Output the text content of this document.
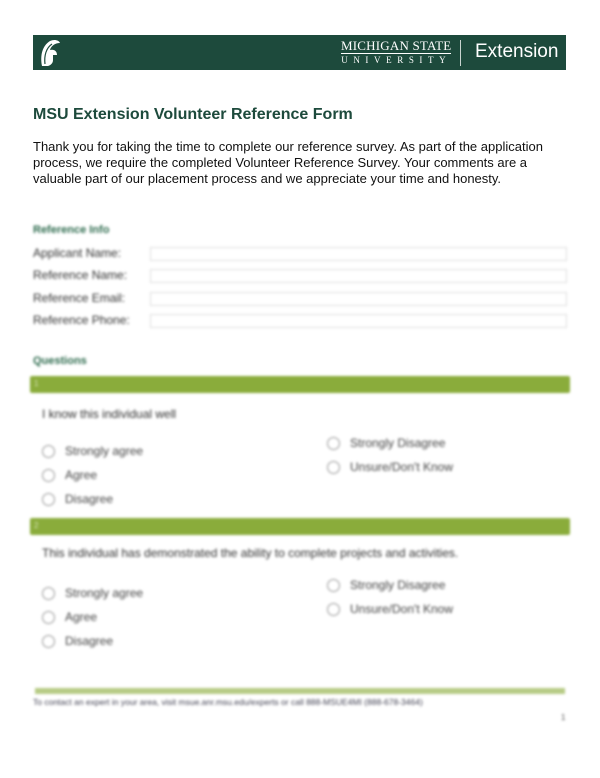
MICHIGAN STATE
UNIVERSITY Extension
MSU Extension Volunteer Reference Form
Thank you for taking the time to complete our reference survey. As part of the application process, we require the completed Volunteer Reference Survey. Your comments are a valuable part of our placement process and we appreciate your time and honesty.
Reference Info
Applicant Name:
Reference Name:
Reference Email:
Reference Phone:
Questions
1
I know this individual well
Strongly agree
Agree
Disagree
Strongly Disagree
Unsure/Don't Know
2
This individual has demonstrated the ability to complete projects and activities.
Strongly agree
Agree
Disagree
Strongly Disagree
Unsure/Don't Know
To contact an expert in your area, visit msue.anr.msu.edu/experts or call 888-MSUE4MI (888-678-3464)
1
